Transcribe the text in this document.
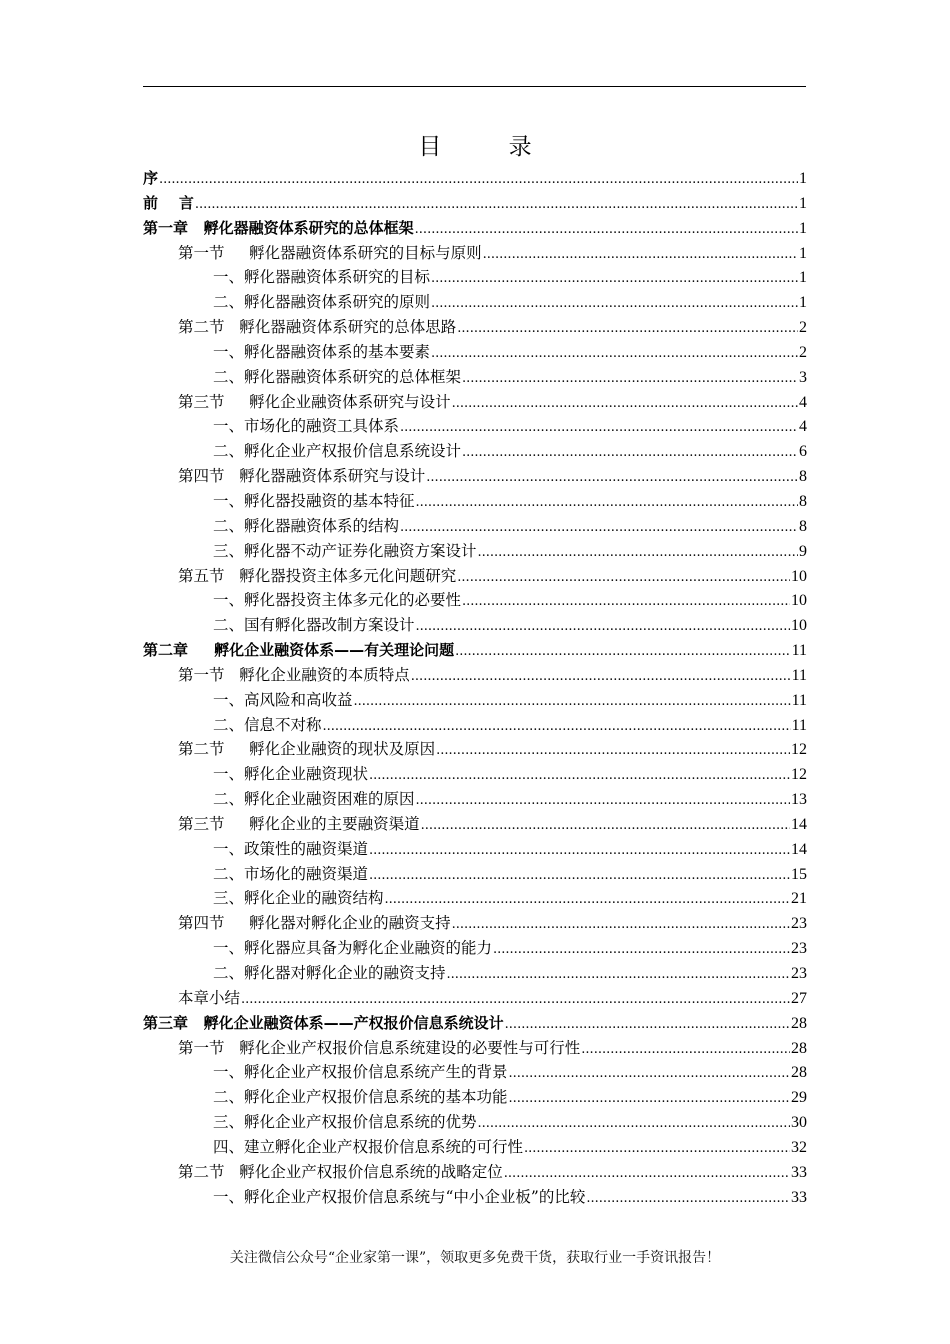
目 录
序 .....	1
前    言 .....	1
第一章   孵化器融资体系研究的总体框架 .....	1
第一节     孵化器融资体系研究的目标与原则 .....	1
一、孵化器融资体系研究的目标 .....	1
二、孵化器融资体系研究的原则 .....	1
第二节   孵化器融资体系研究的总体思路 .....	2
一、孵化器融资体系的基本要素 .....	2
二、孵化器融资体系研究的总体框架 .....	3
第三节     孵化企业融资体系研究与设计 .....	4
一、市场化的融资工具体系 .....	4
二、孵化企业产权报价信息系统设计 .....	6
第四节   孵化器融资体系研究与设计 .....	8
一、孵化器投融资的基本特征 .....	8
二、孵化器融资体系的结构 .....	8
三、孵化器不动产证券化融资方案设计 .....	9
第五节   孵化器投资主体多元化问题研究 .....	10
一、孵化器投资主体多元化的必要性 .....	10
二、国有孵化器改制方案设计 .....	10
第二章     孵化企业融资体系——有关理论问题 .....	11
第一节   孵化企业融资的本质特点 .....	11
一、高风险和高收益 .....	11
二、信息不对称 .....	11
第二节     孵化企业融资的现状及原因 .....	12
一、孵化企业融资现状 .....	12
二、孵化企业融资困难的原因 .....	13
第三节     孵化企业的主要融资渠道 .....	14
一、政策性的融资渠道 .....	14
二、市场化的融资渠道 .....	15
三、孵化企业的融资结构 .....	21
第四节     孵化器对孵化企业的融资支持 .....	23
一、孵化器应具备为孵化企业融资的能力 .....	23
二、孵化器对孵化企业的融资支持 .....	23
本章小结 .....	27
第三章   孵化企业融资体系——产权报价信息系统设计 .....	28
第一节   孵化企业产权报价信息系统建设的必要性与可行性 .....	28
一、孵化企业产权报价信息系统产生的背景 .....	28
二、孵化企业产权报价信息系统的基本功能 .....	29
三、孵化企业产权报价信息系统的优势 .....	30
四、建立孵化企业产权报价信息系统的可行性 .....	32
第二节   孵化企业产权报价信息系统的战略定位 .....	33
一、孵化企业产权报价信息系统与“中小企业板”的比较 .....	33
关注微信公众号“企业家第一课”，领取更多免费干货，获取行业一手资讯报告！
